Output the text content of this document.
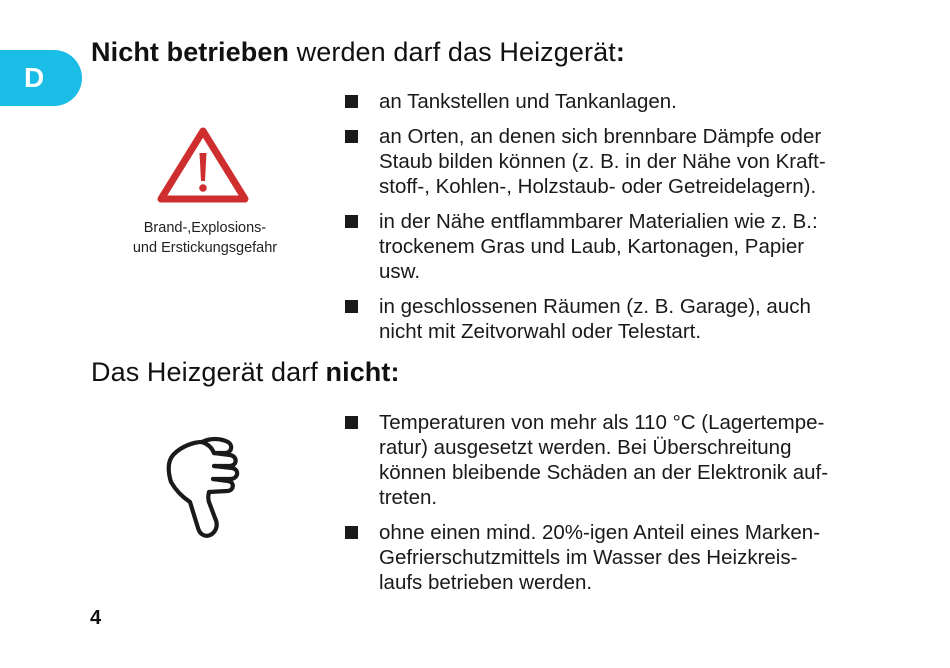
D
Nicht betrieben werden darf das Heizgerät:
Brand-,Explosions-
und Erstickungsgefahr
an Tankstellen und Tankanlagen.
an Orten, an denen sich brennbare Dämpfe oder
Staub bilden können (z. B. in der Nähe von Kraft-
stoff-, Kohlen-, Holzstaub- oder Getreidelagern).
in der Nähe entflammbarer Materialien wie z. B.:
trockenem Gras und Laub, Kartonagen, Papier
usw.
in geschlossenen Räumen (z. B. Garage), auch
nicht mit Zeitvorwahl oder Telestart.
Das Heizgerät darf nicht:
Temperaturen von mehr als 110 °C (Lagertempe-
ratur) ausgesetzt werden. Bei Überschreitung
können bleibende Schäden an der Elektronik auf-
treten.
ohne einen mind. 20%-igen Anteil eines Marken-
Gefrierschutzmittels im Wasser des Heizkreis-
laufs betrieben werden.
4
